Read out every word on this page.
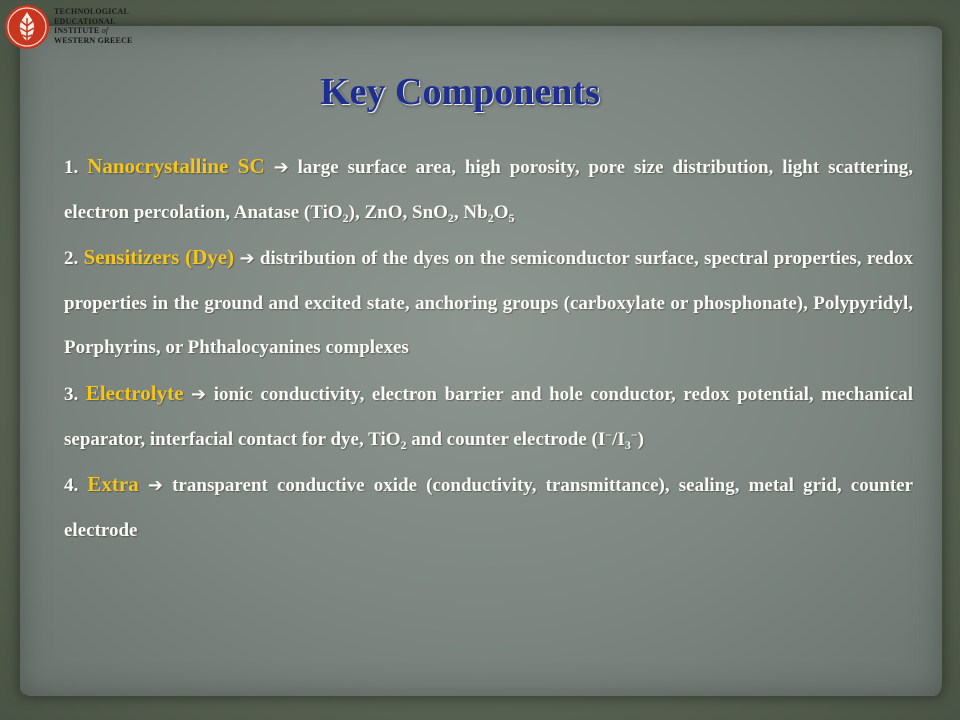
Key Components

1. Nanocrystalline SC ➔ large surface area, high porosity, pore size distribution, light scattering, electron percolation, Anatase (TiO$_2$), ZnO, SnO$_2$, $Nb_2O_5$

2. Sensitizers (Dye) ➔ distribution of the dyes on the semiconductor surface, spectral properties, redox properties in the ground and excited state, anchoring groups (carboxylate or phosphonate), Polypyridyl, Porphyrins, or Phthalocyanines complexes

3. Electrolyte ➔ ionic conductivity, electron barrier and hole conductor, redox potential, mechanical separator, interfacial contact for dye, TiO$_2$ and counter electrode $(I^-/I_3^-)$

4. Extra ➔ transparent conductive oxide (conductivity, transmittance), sealing, metal grid, counter electrode

TECHNOLOGICAL
EDUCATIONAL
INSTITUTE of
WESTERN GREECE
